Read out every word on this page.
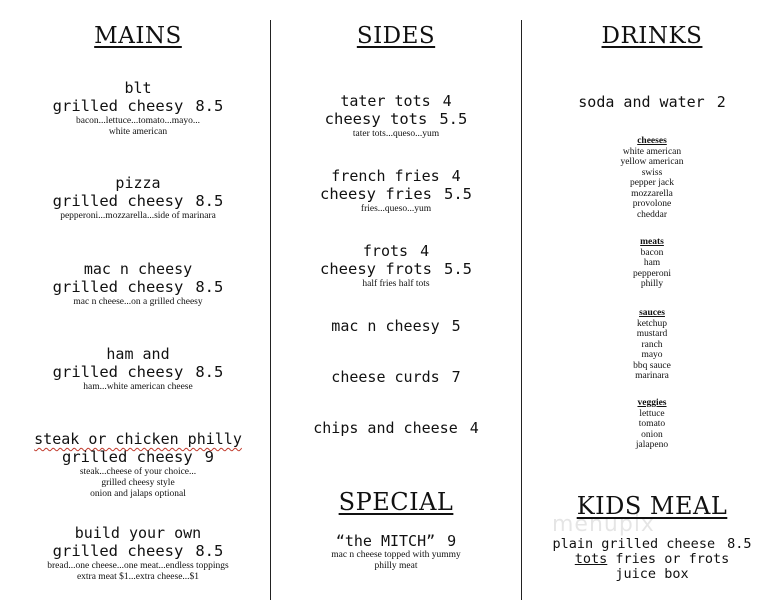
MAINS
blt
grilled cheesy 8.5
bacon...lettuce...tomato...mayo...
white american
pizza
grilled cheesy 8.5
pepperoni...mozzarella...side of marinara
mac n cheesy
grilled cheesy 8.5
mac n cheese...on a grilled cheesy
ham and
grilled cheesy 8.5
ham...white american cheese
steak or chicken philly
grilled cheesy 9
steak...cheese of your choice...
grilled cheesy style
onion and jalaps optional
build your own
grilled cheesy 8.5
bread...one cheese...one meat...endless toppings
extra meat $1...extra cheese...$1
SIDES
tater tots 4
cheesy tots 5.5
tater tots...queso...yum
french fries 4
cheesy fries 5.5
fries...queso...yum
frots 4
cheesy frots 5.5
half fries half tots
mac n cheesy 5
cheese curds 7
chips and cheese 4
SPECIAL
“the MITCH” 9
mac n cheese topped with yummy
philly meat
DRINKS
soda and water 2
cheeses
white american
yellow american
swiss
pepper jack
mozzarella
provolone
cheddar
meats
bacon
ham
pepperoni
philly
sauces
ketchup
mustard
ranch
mayo
bbq sauce
marinara
veggies
lettuce
tomato
onion
jalapeno
KIDS MEAL
plain grilled cheese 8.5
tots fries or frots
juice box
menupix
